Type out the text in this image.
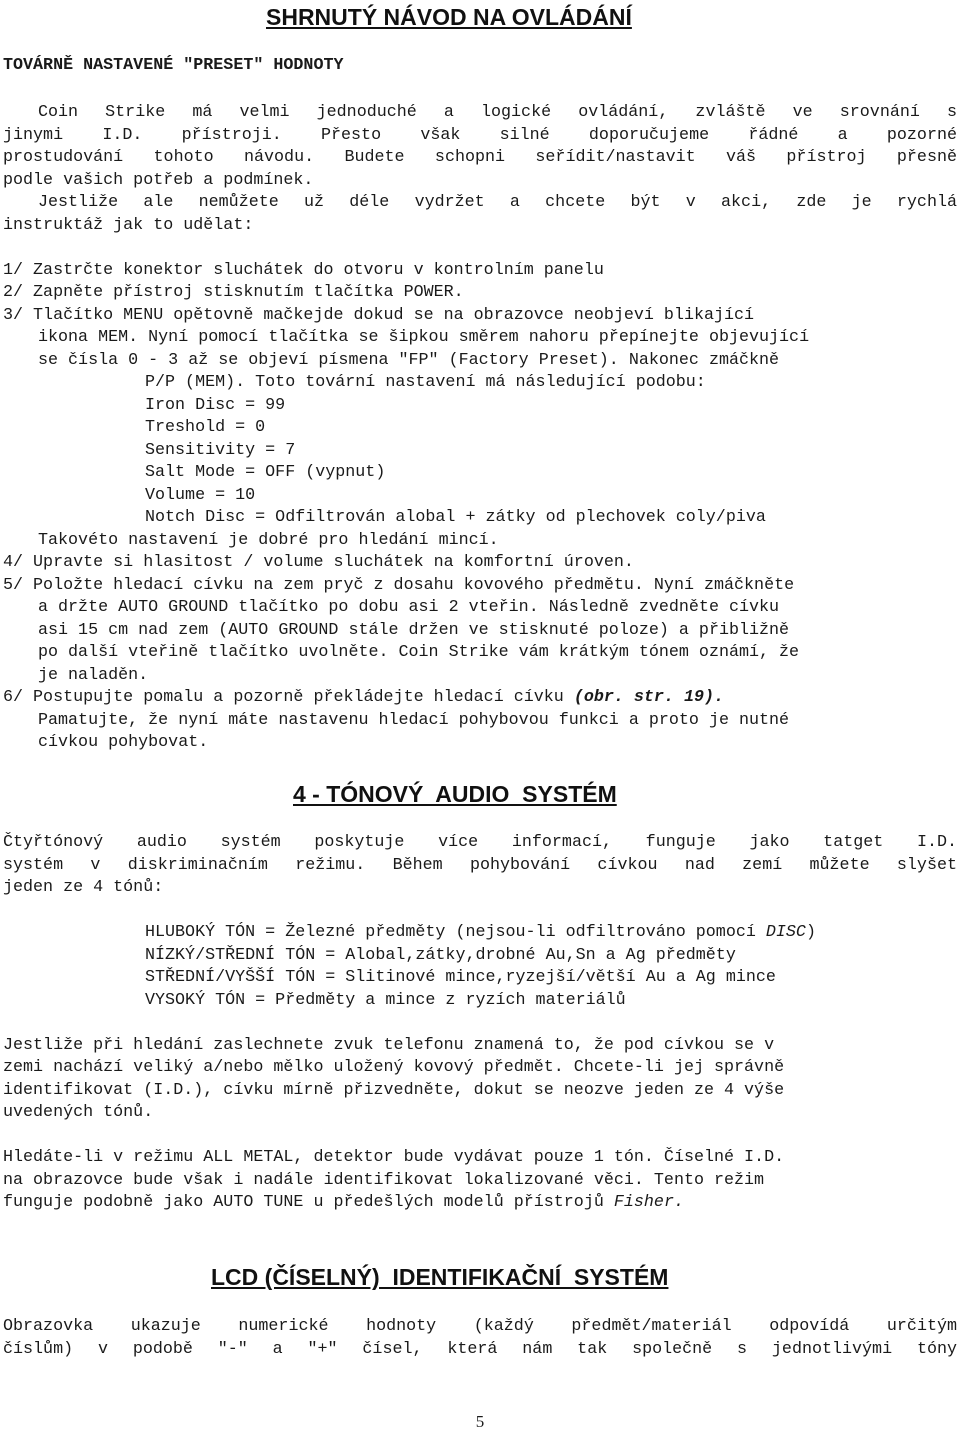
SHRNUTÝ NÁVOD NA OVLÁDÁNÍ
TOVÁRNĚ NASTAVENÉ "PRESET" HODNOTY
Coin Strike má velmi jednoduché a logické ovládání, zvláště ve srovnání s
jinymi I.D. přístroji. Přesto však silné doporučujeme řádné a pozorné
prostudování tohoto návodu. Budete schopni seřídit/nastavit váš přístroj přesně
podle vašich potřeb a podmínek.
Jestliže ale nemůžete už déle vydržet a chcete být v akci, zde je rychlá
instruktáž jak to udělat:
1/ Zastrčte konektor sluchátek do otvoru v kontrolním panelu
2/ Zapněte přístroj stisknutím tlačítka POWER.
3/ Tlačítko MENU opětovně mačkejde dokud se na obrazovce neobjeví blikající
ikona MEM. Nyní pomocí tlačítka se šipkou směrem nahoru přepínejte objevující
se čísla 0 - 3 až se objeví písmena "FP" (Factory Preset). Nakonec zmáčkně
P/P (MEM). Toto tovární nastavení má následující podobu:
Iron Disc = 99
Treshold = 0
Sensitivity = 7
Salt Mode = OFF (vypnut)
Volume = 10
Notch Disc = Odfiltrován alobal + zátky od plechovek coly/piva
Takovéto nastavení je dobré pro hledání mincí.
4/ Upravte si hlasitost / volume sluchátek na komfortní úroven.
5/ Položte hledací cívku na zem pryč z dosahu kovového předmětu. Nyní zmáčkněte
a držte AUTO GROUND tlačítko po dobu asi 2 vteřin. Následně zvedněte cívku
asi 15 cm nad zem (AUTO GROUND stále držen ve stisknuté poloze) a přibližně
po další vteřině tlačítko uvolněte. Coin Strike vám krátkým tónem oznámí, že
je naladěn.
6/ Postupujte pomalu a pozorně překládejte hledací cívku (obr. str. 19).
Pamatujte, že nyní máte nastavenu hledací pohybovou funkci a proto je nutné
cívkou pohybovat.
4 - TÓNOVÝ  AUDIO  SYSTÉM
Čtyřtónový audio systém poskytuje více informací, funguje jako tatget I.D.
systém v diskriminačním režimu. Během pohybování cívkou nad zemí můžete slyšet
jeden ze 4 tónů:
HLUBOKÝ TÓN = Železné předměty (nejsou-li odfiltrováno pomocí DISC)
NÍZKÝ/STŘEDNÍ TÓN = Alobal,zátky,drobné Au,Sn a Ag předměty
STŘEDNÍ/VYŠŠÍ TÓN = Slitinové mince,ryzejší/větší Au a Ag mince
VYSOKÝ TÓN = Předměty a mince z ryzích materiálů
Jestliže při hledání zaslechnete zvuk telefonu znamená to, že pod cívkou se v
zemi nachází veliký a/nebo mělko uložený kovový předmět. Chcete-li jej správně
identifikovat (I.D.), cívku mírně přizvedněte, dokut se neozve jeden ze 4 výše
uvedených tónů.
Hledáte-li v režimu ALL METAL, detektor bude vydávat pouze 1 tón. Číselné I.D.
na obrazovce bude však i nadále identifikovat lokalizované věci. Tento režim
funguje podobně jako AUTO TUNE u předešlých modelů přístrojů Fisher.
LCD (ČÍSELNÝ)  IDENTIFIKAČNÍ  SYSTÉM
Obrazovka ukazuje numerické hodnoty (každý předmět/materiál odpovídá určitým
číslům) v podobě "-" a "+" čísel, která nám tak společně s jednotlivými tóny
5
